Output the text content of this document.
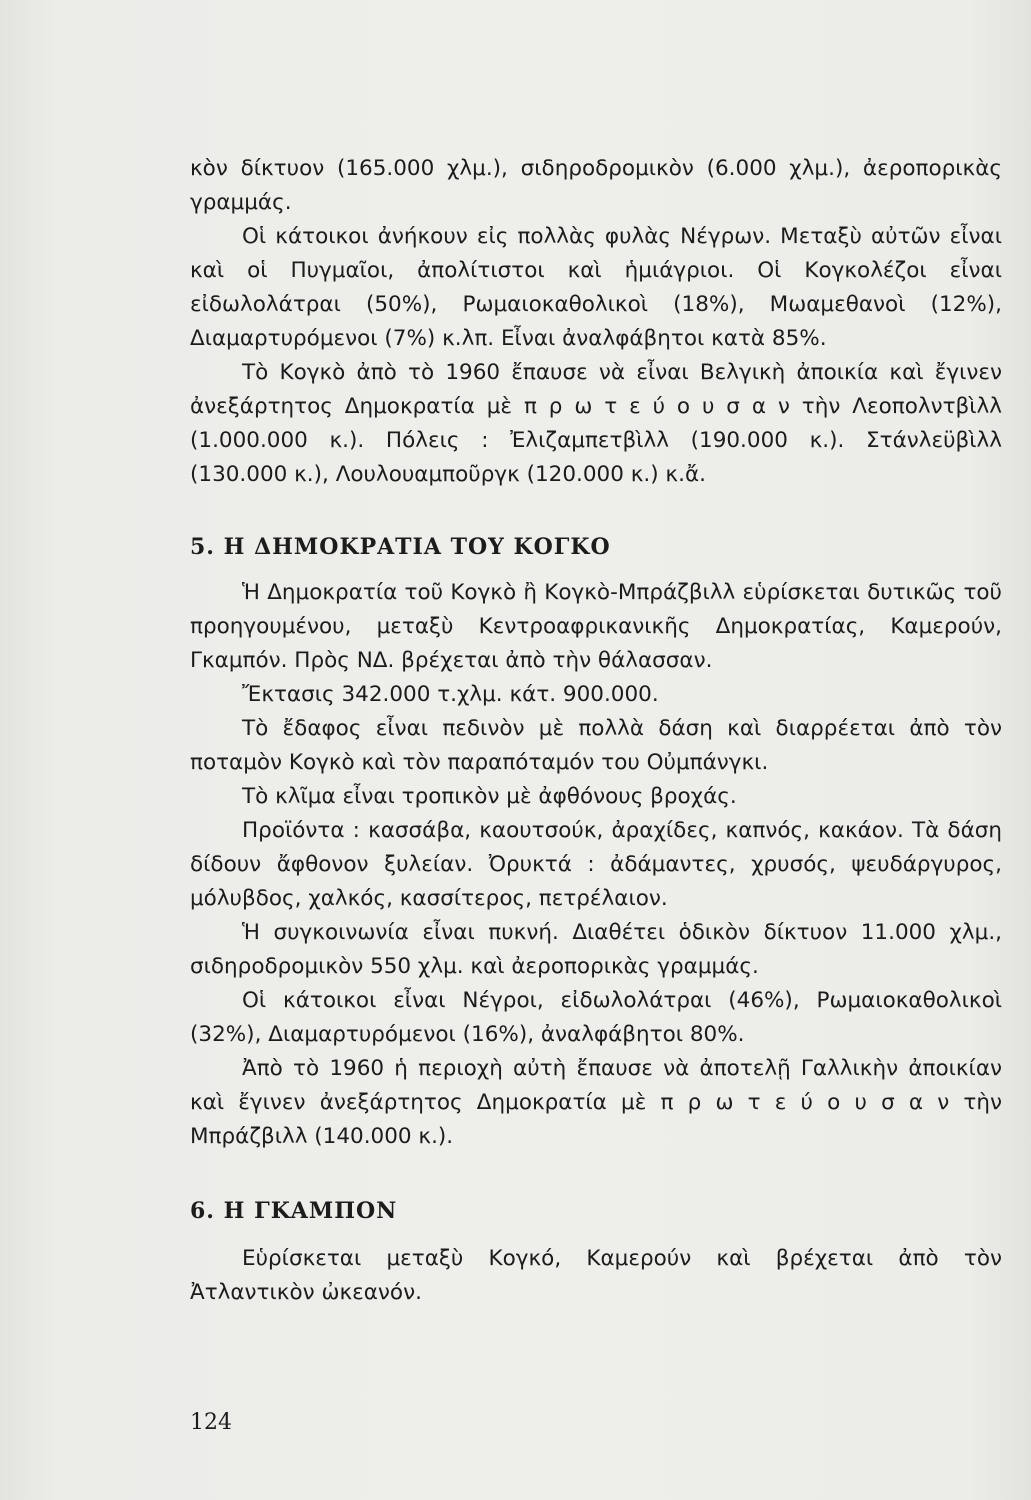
κὸν δίκτυον (165.000 χλμ.), σιδηροδρομικὸν (6.000 χλμ.), ἀεροπορικὰς γραμμάς.

Οἱ κάτοικοι ἀνήκουν εἰς πολλὰς φυλὰς Νέγρων. Μεταξὺ αὐτῶν εἶναι καὶ οἱ Πυγμαῖοι, ἀπολίτιστοι καὶ ἡμιάγριοι. Οἱ Κογκολέζοι εἶναι εἰδωλολάτραι (50%), Ρωμαιοκαθολικοὶ (18%), Μωαμεθανοὶ (12%), Διαμαρτυρόμενοι (7%) κ.λπ. Εἶναι ἀναλφάβητοι κατὰ 85%.

Τὸ Κογκὸ ἀπὸ τὸ 1960 ἔπαυσε νὰ εἶναι Βελγικὴ ἀποικία καὶ ἔγινεν ἀνεξάρτητος Δημοκρατία μὲ π ρ ω τ ε ύ ο υ σ α ν τὴν Λεοπολντβὶλλ (1.000.000 κ.). Πόλεις : Ἐλιζαμπετβὶλλ (190.000 κ.). Στάνλεϋβὶλλ (130.000 κ.), Λουλουαμποῦργκ (120.000 κ.) κ.ἄ.

5. Η ΔΗΜΟΚΡΑΤΙΑ ΤΟΥ ΚΟΓΚΟ

Ἡ Δημοκρατία τοῦ Κογκὸ ἢ Κογκὸ-Μπράζβιλλ εὑρίσκεται δυτικῶς τοῦ προηγουμένου, μεταξὺ Κεντροαφρικανικῆς Δημοκρατίας, Καμερούν, Γκαμπόν. Πρὸς ΝΔ. βρέχεται ἀπὸ τὴν θάλασσαν.

Ἔκτασις 342.000 τ.χλμ. κάτ. 900.000.

Τὸ ἔδαφος εἶναι πεδινὸν μὲ πολλὰ δάση καὶ διαρρέεται ἀπὸ τὸν ποταμὸν Κογκὸ καὶ τὸν παραπόταμόν του Οὐμπάνγκι.

Τὸ κλῖμα εἶναι τροπικὸν μὲ ἀφθόνους βροχάς.

Προϊόντα : κασσάβα, καουτσούκ, ἀραχίδες, καπνός, κακάον. Τὰ δάση δίδουν ἄφθονον ξυλείαν. Ὀρυκτά : ἀδάμαντες, χρυσός, ψευδάργυρος, μόλυβδος, χαλκός, κασσίτερος, πετρέλαιον.

Ἡ συγκοινωνία εἶναι πυκνή. Διαθέτει ὁδικὸν δίκτυον 11.000 χλμ., σιδηροδρομικὸν 550 χλμ. καὶ ἀεροπορικὰς γραμμάς.

Οἱ κάτοικοι εἶναι Νέγροι, εἰδωλολάτραι (46%), Ρωμαιοκαθολικοὶ (32%), Διαμαρτυρόμενοι (16%), ἀναλφάβητοι 80%.

Ἀπὸ τὸ 1960 ἡ περιοχὴ αὐτὴ ἔπαυσε νὰ ἀποτελῇ Γαλλικὴν ἀποικίαν καὶ ἔγινεν ἀνεξάρτητος Δημοκρατία μὲ π ρ ω τ ε ύ ο υ σ α ν τὴν Μπράζβιλλ (140.000 κ.).

6. Η ΓΚΑΜΠΟΝ

Εὑρίσκεται μεταξὺ Κογκό, Καμερούν καὶ βρέχεται ἀπὸ τὸν Ἀτλαντικὸν ὠκεανόν.

124
